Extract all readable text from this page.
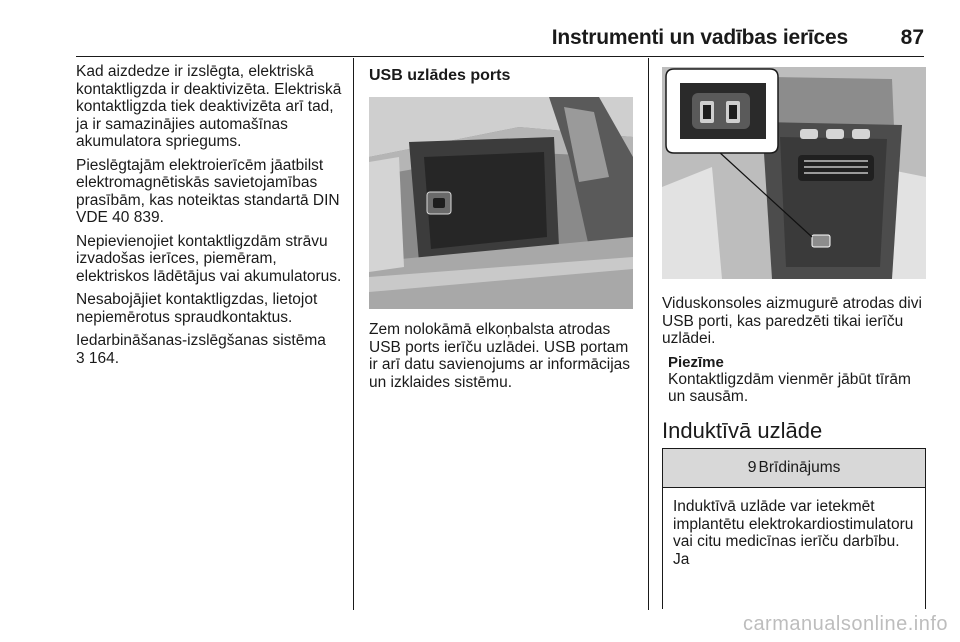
Instrumenti un vadības ierīces	87

Kad aizdedze ir izslēgta, elektriskā kontaktligzda ir deaktivizēta. Elektriskā kontaktligzda tiek deaktivizēta arī tad, ja ir samazinājies automašīnas akumulatora spriegums.

Pieslēgtajām elektroierīcēm jāatbilst elektromagnētiskās savietojamības prasībām, kas noteiktas standartā DIN VDE 40 839.

Nepievienojiet kontaktligzdām strāvu izvadošas ierīces, piemēram, elektriskos lādētājus vai akumulatorus.

Nesabojājiet kontaktligzdas, lietojot nepiemērotus spraudkontaktus.

Iedarbināšanas-izslēgšanas sistēma

3 164.

USB uzlādes ports
Zem nolokāmā elkoņbalsta atrodas USB ports ierīču uzlādei. USB portam ir arī datu savienojums ar informācijas un izklaides sistēmu.
Viduskonsoles aizmugurē atrodas divi USB porti, kas paredzēti tikai ierīču uzlādei.
Piezīme
Kontaktligzdām vienmēr jābūt tīrām un sausām.
Induktīvā uzlāde
9 Brīdinājums
Induktīvā uzlāde var ietekmēt implantētu elektrokardiostimulatoru vai citu medicīnas ierīču darbību. Ja
carmanualsonline.info
